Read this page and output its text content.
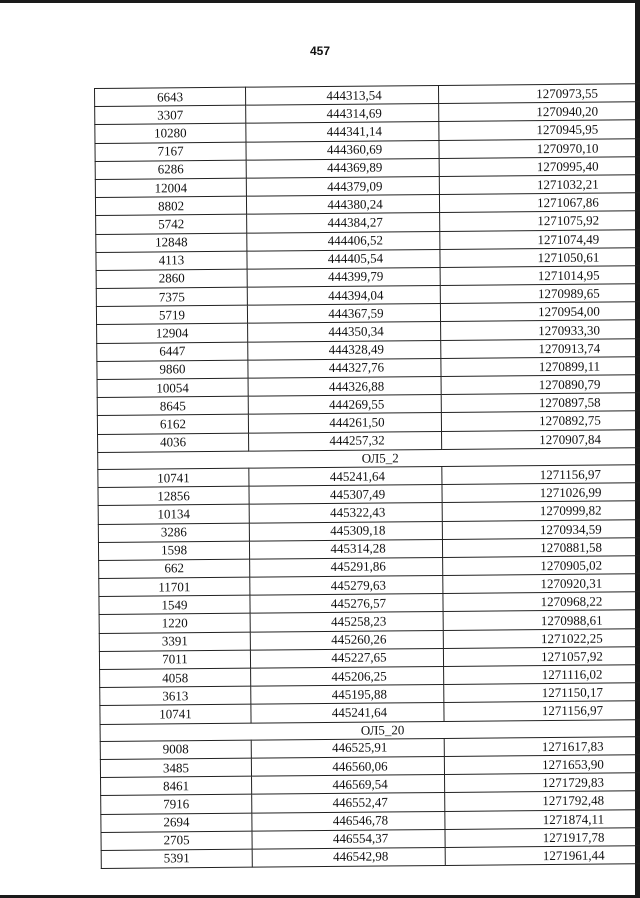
457
6643	444313,54	1270973,55
3307	444314,69	1270940,20
10280	444341,14	1270945,95
7167	444360,69	1270970,10
6286	444369,89	1270995,40
12004	444379,09	1271032,21
8802	444380,24	1271067,86
5742	444384,27	1271075,92
12848	444406,52	1271074,49
4113	444405,54	1271050,61
2860	444399,79	1271014,95
7375	444394,04	1270989,65
5719	444367,59	1270954,00
12904	444350,34	1270933,30
6447	444328,49	1270913,74
9860	444327,76	1270899,11
10054	444326,88	1270890,79
8645	444269,55	1270897,58
6162	444261,50	1270892,75
4036	444257,32	1270907,84
ОЛ5_2		
10741	445241,64	1271156,97
12856	445307,49	1271026,99
10134	445322,43	1270999,82
3286	445309,18	1270934,59
1598	445314,28	1270881,58
662	445291,86	1270905,02
11701	445279,63	1270920,31
1549	445276,57	1270968,22
1220	445258,23	1270988,61
3391	445260,26	1271022,25
7011	445227,65	1271057,92
4058	445206,25	1271116,02
3613	445195,88	1271150,17
10741	445241,64	1271156,97
ОЛ5_20		
9008	446525,91	1271617,83
3485	446560,06	1271653,90
8461	446569,54	1271729,83
7916	446552,47	1271792,48
2694	446546,78	1271874,11
2705	446554,37	1271917,78
5391	446542,98	1271961,44
